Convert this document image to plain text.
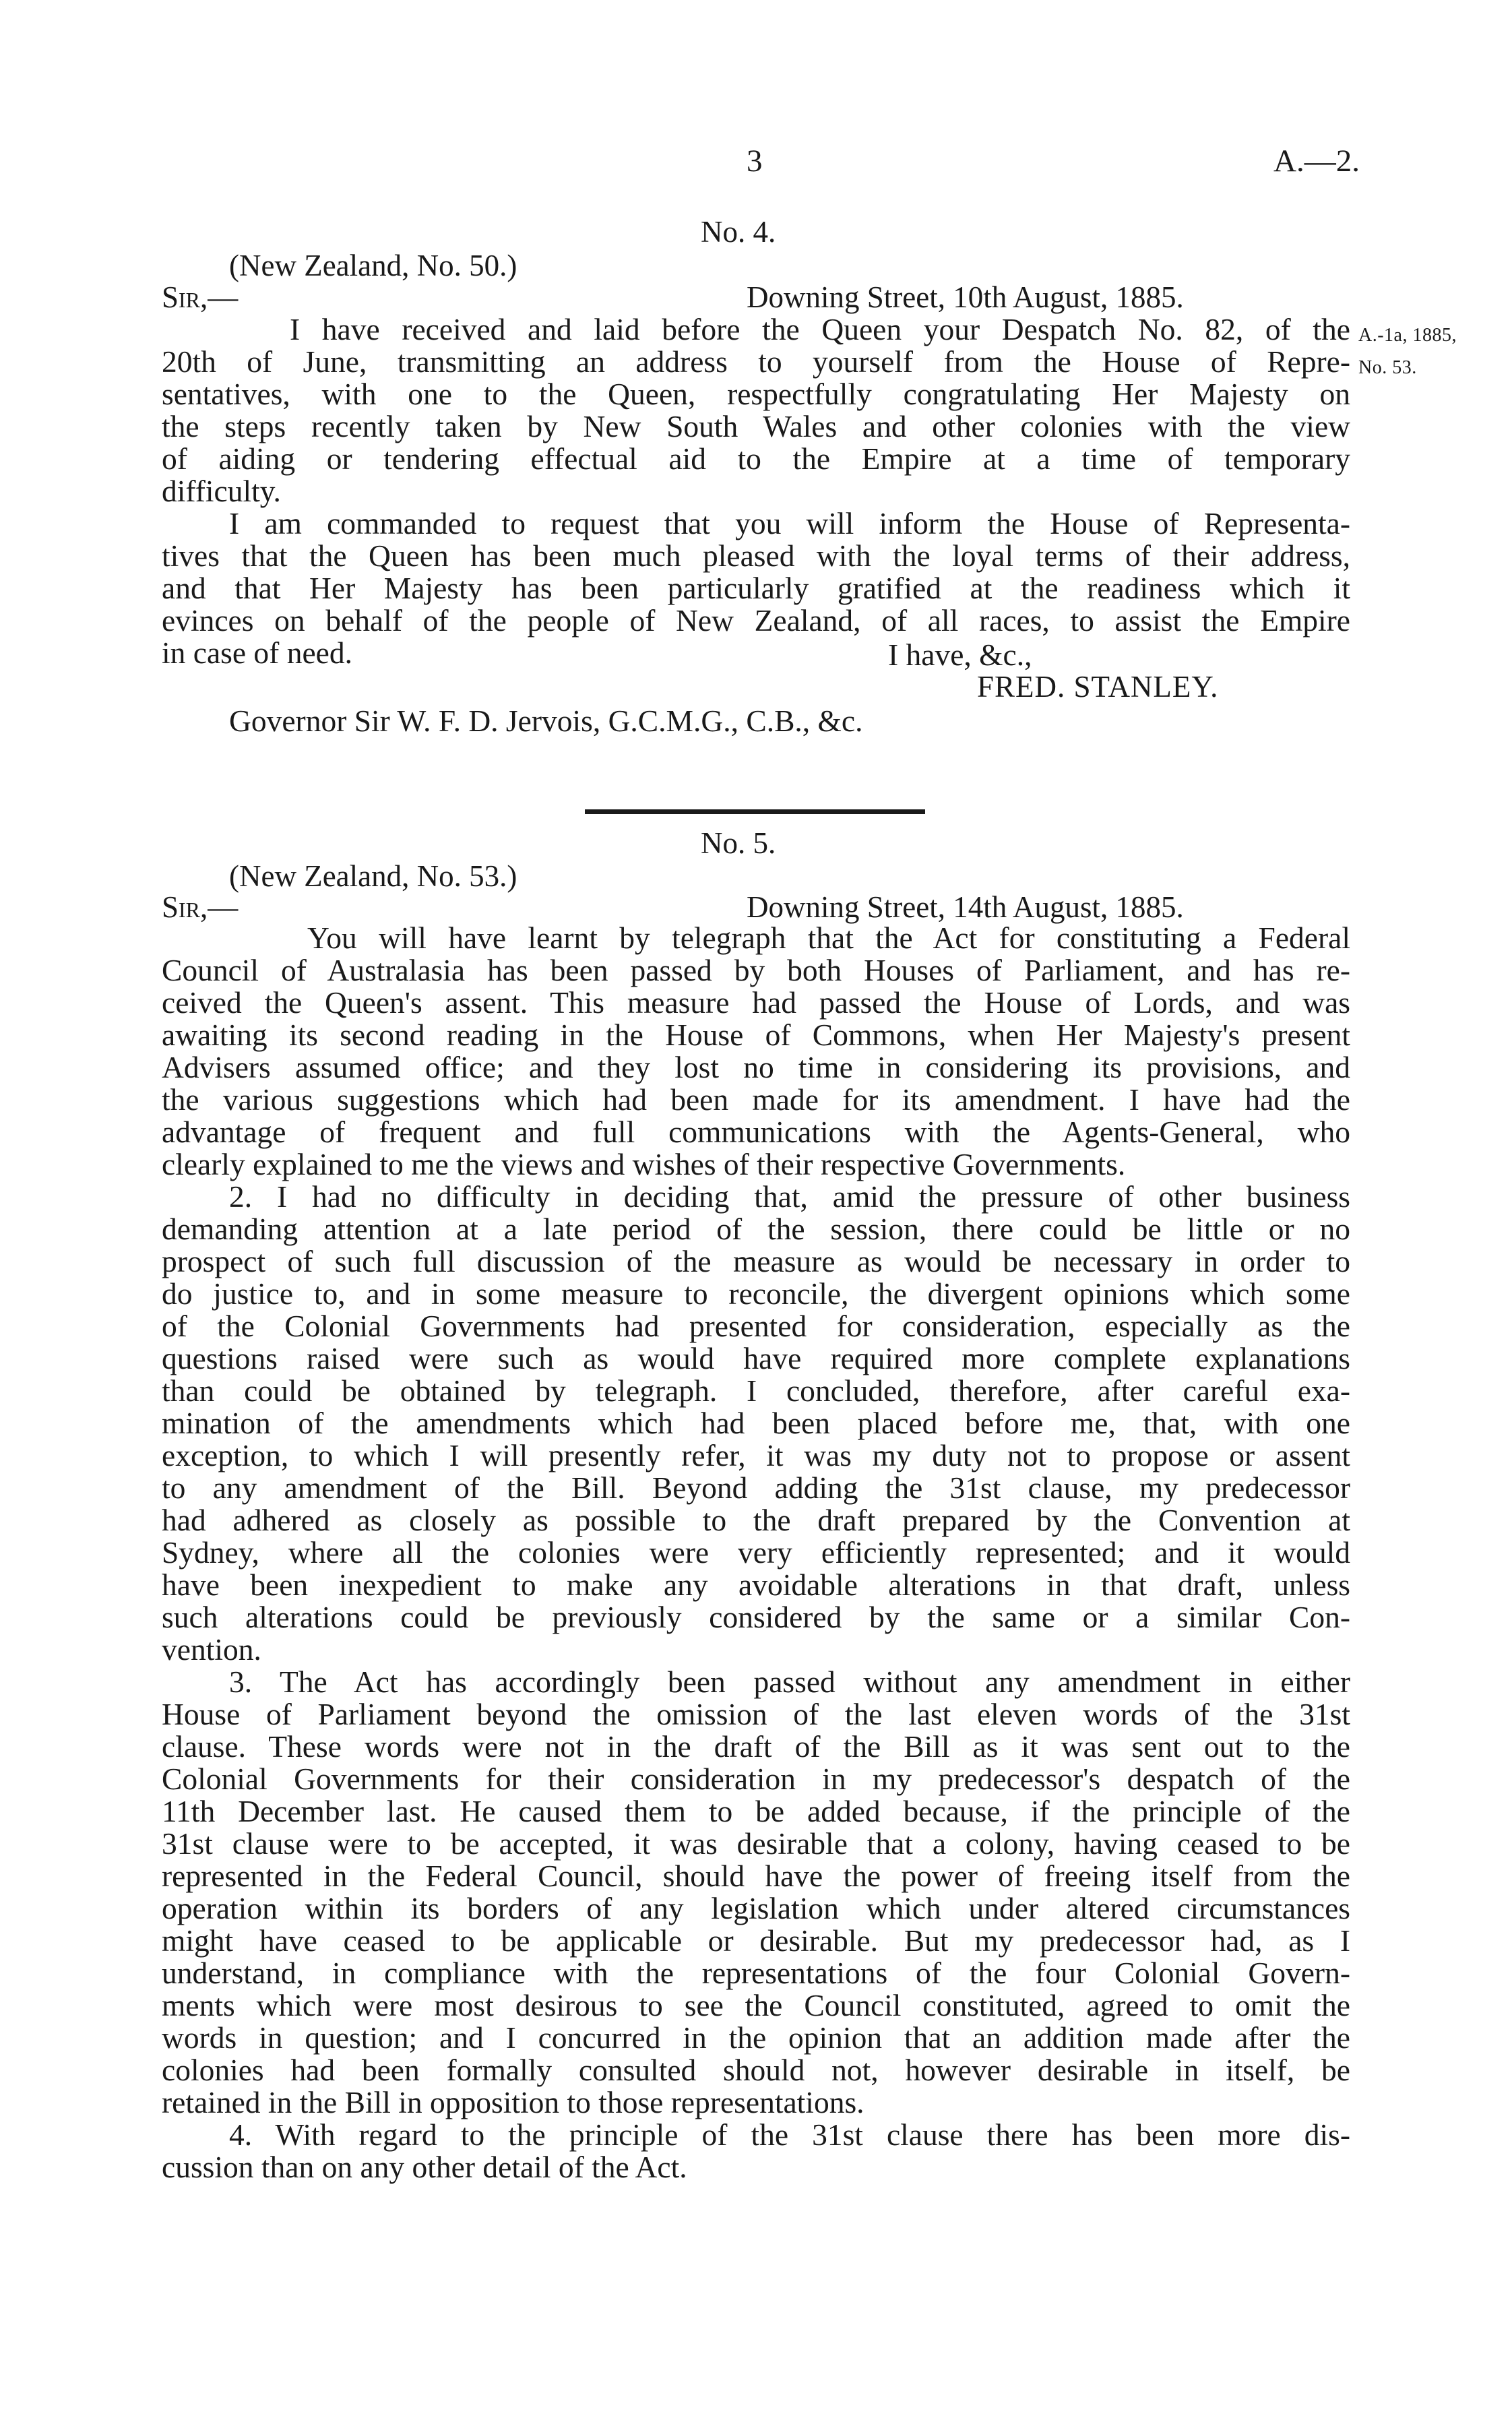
3	A.—2.
No. 4.
(New Zealand, No. 50.)
Sir,—	Downing Street, 10th August, 1885.
I have received and laid before the Queen your Despatch No. 82, of the
20th of June, transmitting an address to yourself from the House of Repre-
sentatives, with one to the Queen, respectfully congratulating Her Majesty on
the steps recently taken by New South Wales and other colonies with the view
of aiding or tendering effectual aid to the Empire at a time of temporary
difficulty.
I am commanded to request that you will inform the House of Representa-
tives that the Queen has been much pleased with the loyal terms of their address,
and that Her Majesty has been particularly gratified at the readiness which it
evinces on behalf of the people of New Zealand, of all races, to assist the Empire
in case of need.
A.-1a, 1885,
No. 53.
I have, &c.,
FRED. STANLEY.
Governor Sir W. F. D. Jervois, G.C.M.G., C.B., &c.
No. 5.
(New Zealand, No. 53.)
Sir,—	Downing Street, 14th August, 1885.
You will have learnt by telegraph that the Act for constituting a Federal
Council of Australasia has been passed by both Houses of Parliament, and has re-
ceived the Queen's assent. This measure had passed the House of Lords, and was
awaiting its second reading in the House of Commons, when Her Majesty's present
Advisers assumed office; and they lost no time in considering its provisions, and
the various suggestions which had been made for its amendment. I have had the
advantage of frequent and full communications with the Agents-General, who
clearly explained to me the views and wishes of their respective Governments.
2. I had no difficulty in deciding that, amid the pressure of other business
demanding attention at a late period of the session, there could be little or no
prospect of such full discussion of the measure as would be necessary in order to
do justice to, and in some measure to reconcile, the divergent opinions which some
of the Colonial Governments had presented for consideration, especially as the
questions raised were such as would have required more complete explanations
than could be obtained by telegraph. I concluded, therefore, after careful exa-
mination of the amendments which had been placed before me, that, with one
exception, to which I will presently refer, it was my duty not to propose or assent
to any amendment of the Bill. Beyond adding the 31st clause, my predecessor
had adhered as closely as possible to the draft prepared by the Convention at
Sydney, where all the colonies were very efficiently represented; and it would
have been inexpedient to make any avoidable alterations in that draft, unless
such alterations could be previously considered by the same or a similar Con-
vention.
3. The Act has accordingly been passed without any amendment in either
House of Parliament beyond the omission of the last eleven words of the 31st
clause. These words were not in the draft of the Bill as it was sent out to the
Colonial Governments for their consideration in my predecessor's despatch of the
11th December last. He caused them to be added because, if the principle of the
31st clause were to be accepted, it was desirable that a colony, having ceased to be
represented in the Federal Council, should have the power of freeing itself from the
operation within its borders of any legislation which under altered circumstances
might have ceased to be applicable or desirable. But my predecessor had, as I
understand, in compliance with the representations of the four Colonial Govern-
ments which were most desirous to see the Council constituted, agreed to omit the
words in question; and I concurred in the opinion that an addition made after the
colonies had been formally consulted should not, however desirable in itself, be
retained in the Bill in opposition to those representations.
4. With regard to the principle of the 31st clause there has been more dis-
cussion than on any other detail of the Act.
